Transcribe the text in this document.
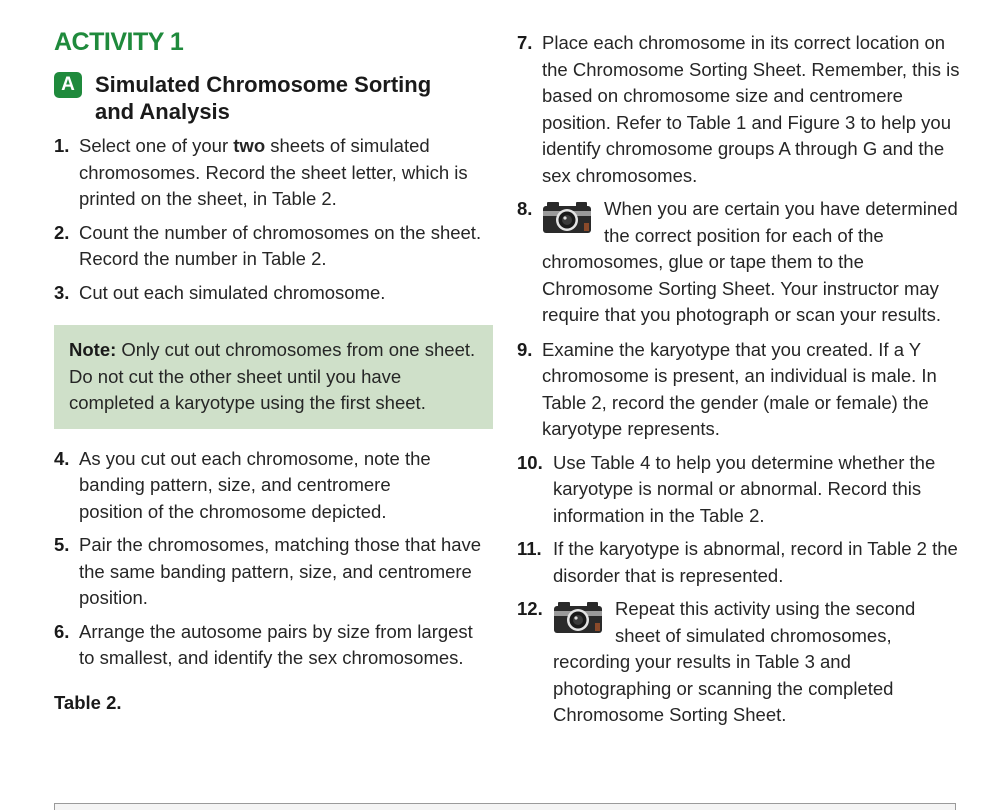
ACTIVITY 1
A Simulated Chromosome Sorting and Analysis
1. Select one of your two sheets of simulated chromosomes. Record the sheet letter, which is printed on the sheet, in Table 2.
2. Count the number of chromosomes on the sheet. Record the number in Table 2.
3. Cut out each simulated chromosome.
Note: Only cut out chromosomes from one sheet. Do not cut the other sheet until you have completed a karyotype using the first sheet.
4. As you cut out each chromosome, note the banding pattern, size, and centromere position of the chromosome depicted.
5. Pair the chromosomes, matching those that have the same banding pattern, size, and centromere position.
6. Arrange the autosome pairs by size from largest to smallest, and identify the sex chromosomes.
Table 2.
7. Place each chromosome in its correct location on the Chromosome Sorting Sheet. Remember, this is based on chromosome size and centromere position. Refer to Table 1 and Figure 3 to help you identify chromosome groups A through G and the sex chromosomes.
8.	When you are certain you have determined the correct position for each of the chromosomes, glue or tape them to the Chromosome Sorting Sheet. Your instructor may require that you photograph or scan your results.
9. Examine the karyotype that you created. If a Y chromosome is present, an individual is male. In Table 2, record the gender (male or female) the karyotype represents.
10. Use Table 4 to help you determine whether the karyotype is normal or abnormal. Record this information in the Table 2.
11. If the karyotype is abnormal, record in Table 2 the disorder that is represented.
12.	Repeat this activity using the second sheet of simulated chromosomes, recording your results in Table 3 and photographing or scanning the completed Chromosome Sorting Sheet.
